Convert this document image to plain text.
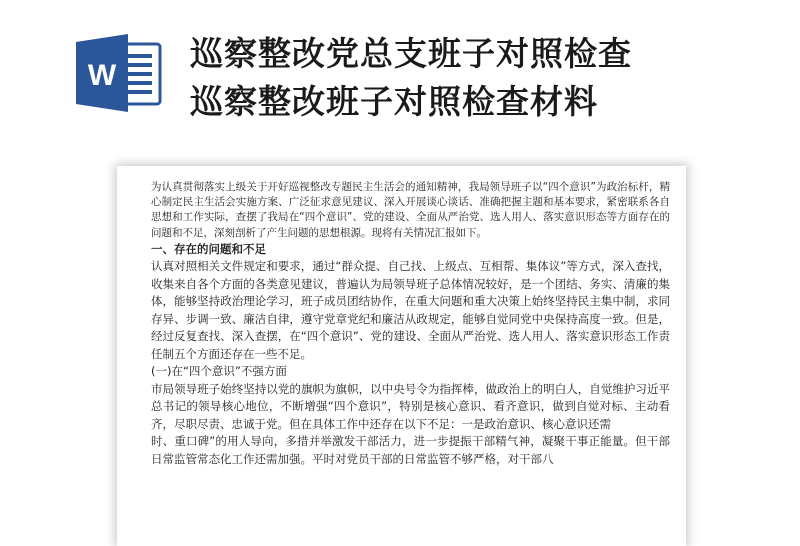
W
巡察整改党总支班子对照检查
巡察整改班子对照检查材料

为认真贯彻落实上级关于开好巡视整改专题民主生活会的通知精神，我局领导班子以“四个意识”为政治标杆，精心制定民主生活会实施方案、广泛征求意见建议、深入开展谈心谈话、准确把握主题和基本要求，紧密联系各自思想和工作实际，查摆了我局在“四个意识”、党的建设、全面从严治党、选人用人、落实意识形态等方面存在的问题和不足，深刻剖析了产生问题的思想根源。现将有关情况汇报如下。

一、存在的问题和不足

认真对照相关文件规定和要求，通过“群众提、自己找、上级点、互相帮、集体议”等方式，深入查找，收集来自各个方面的各类意见建议，普遍认为局领导班子总体情况较好，是一个团结、务实、清廉的集体，能够坚持政治理论学习，班子成员团结协作，在重大问题和重大决策上始终坚持民主集中制，求同存异、步调一致、廉洁自律，遵守党章党纪和廉洁从政规定，能够自觉同党中央保持高度一致。但是，经过反复查找、深入查摆，在“四个意识”、党的建设、全面从严治党、选人用人、落实意识形态工作责任制五个方面还存在一些不足。

(一)在“四个意识”不强方面

市局领导班子始终坚持以党的旗帜为旗帜，以中央号令为指挥棒，做政治上的明白人，自觉维护习近平总书记的领导核心地位，不断增强“四个意识”，特别是核心意识、看齐意识，做到自觉对标、主动看齐，尽职尽责、忠诚于党。但在具体工作中还存在以下不足：一是政治意识、核心意识还需

时、重口碑”的用人导向，多措并举激发干部活力，进一步提振干部精气神，凝聚干事正能量。但干部日常监管常态化工作还需加强。平时对党员干部的日常监管不够严格，对干部八
